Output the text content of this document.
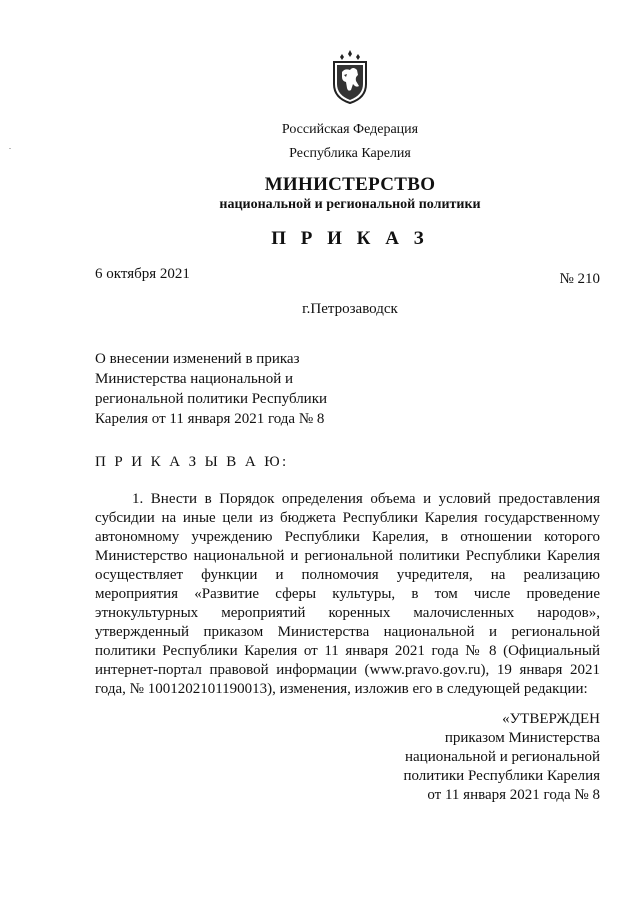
Российская Федерация
Республика Карелия
МИНИСТЕРСТВО
национальной и региональной политики
П Р И К А З
6 октября 2021	№ 210
г.Петрозаводск
О внесении изменений в приказ
Министерства национальной и
региональной политики Республики
Карелия от 11 января 2021 года № 8
П Р И К А З Ы В А Ю:
1. Внести в Порядок определения объема и условий предоставления
субсидии на иные цели из бюджета Республики Карелия государственному
автономному учреждению Республики Карелия, в отношении которого
Министерство национальной и региональной политики Республики Карелия
осуществляет функции и полномочия учредителя, на реализацию
мероприятия «Развитие сферы культуры, в том числе проведение
этнокультурных мероприятий коренных малочисленных народов»,
утвержденный приказом Министерства национальной и региональной
политики Республики Карелия от 11 января 2021 года № 8 (Официальный
интернет-портал правовой информации (www.pravo.gov.ru), 19 января 2021
года, № 1001202101190013), изменения, изложив его в следующей редакции:
«УТВЕРЖДЕН
приказом Министерства
национальной и региональной
политики Республики Карелия
от 11 января 2021 года № 8
